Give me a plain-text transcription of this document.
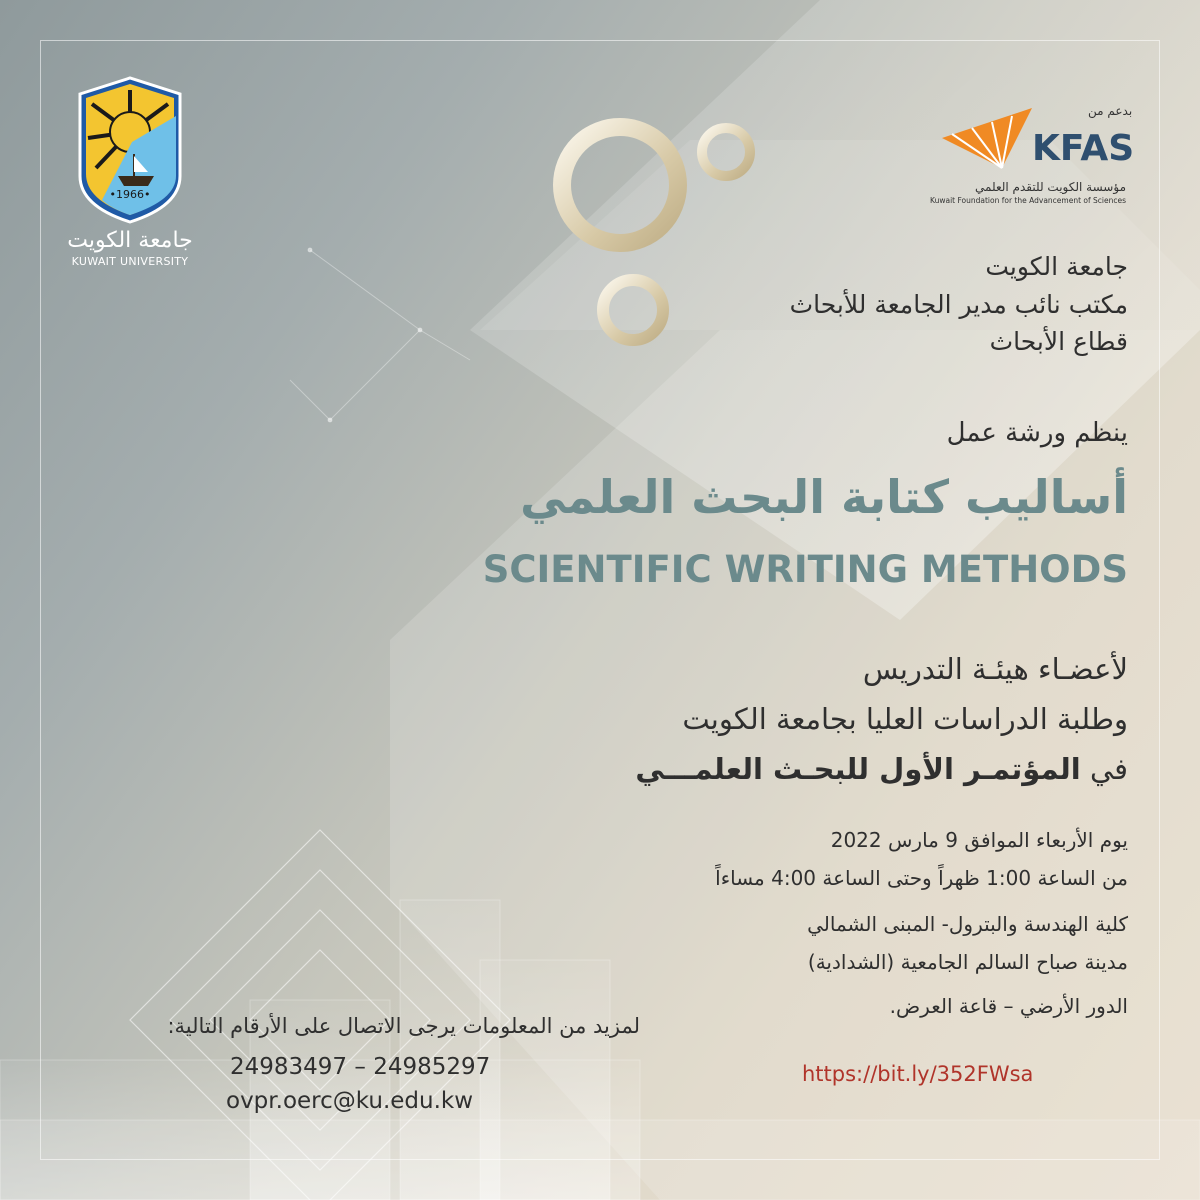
•1966•
جامعة الكويت
KUWAIT UNIVERSITY
بدعم من
KFAS
مؤسسة الكويت للتقدم العلمي
Kuwait Foundation for the Advancement of Sciences
جامعة الكويت
مكتب نائب مدير الجامعة للأبحاث
قطاع الأبحاث
ينظم ورشة عمل
أساليب كتابة البحث العلمي
SCIENTIFIC WRITING METHODS
لأعضـاء هيئـة التدريس
وطلبة الدراسات العليا بجامعة الكويت
في المؤتمـر الأول للبحـث العلمـــي
يوم الأربعاء الموافق 9 مارس 2022
من الساعة 1:00 ظهراً وحتى الساعة 4:00 مساءاً
كلية الهندسة والبترول- المبنى الشمالي
مدينة صباح السالم الجامعية (الشدادية)
الدور الأرضي – قاعة العرض.
https://bit.ly/352FWsa
لمزيد من المعلومات يرجى الاتصال على الأرقام التالية:
24983497 – 24985297
ovpr.oerc@ku.edu.kw
